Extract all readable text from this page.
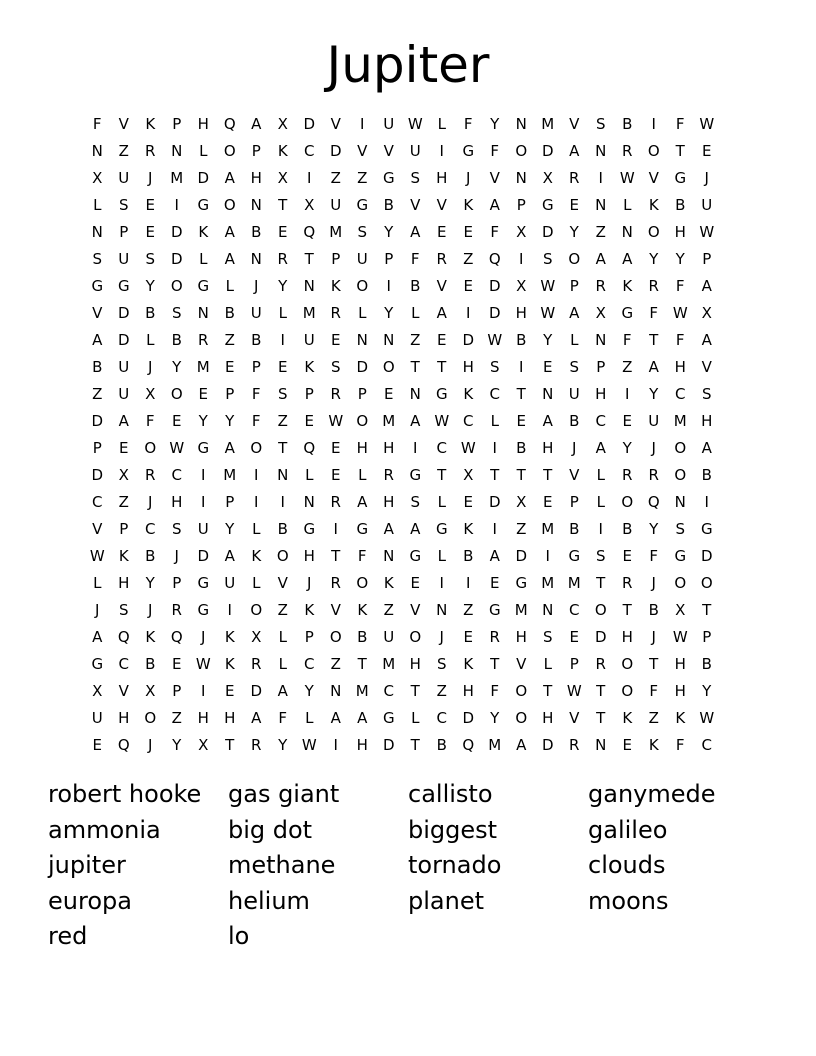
Jupiter
F V K P H Q A X D V I U W L F Y N M V S B I F W
N Z R N L O P K C D V V U I G F O D A N R O T E
X U J M D A H X I Z Z G S H J V N X R I W V G J
L S E I G O N T X U G B V V K A P G E N L K B U
N P E D K A B E Q M S Y A E E F X D Y Z N O H W
S U S D L A N R T P U P F R Z Q I S O A A Y Y P
G G Y O G L J Y N K O I B V E D X W P R K R F A
V D B S N B U L M R L Y L A I D H W A X G F W X
A D L B R Z B I U E N N Z E D W B Y L N F T F A
B U J Y M E P E K S D O T T H S I E S P Z A H V
Z U X O E P F S P R P E N G K C T N U H I Y C S
D A F E Y Y F Z E W O M A W C L E A B C E U M H
P E O W G A O T Q E H H I C W I B H J A Y J O A
D X R C I M I N L E L R G T X T T T V L R R O B
C Z J H I P I I N R A H S L E D X E P L O Q N I
V P C S U Y L B G I G A A G K I Z M B I B Y S G
W K B J D A K O H T F N G L B A D I G S E F G D
L H Y P G U L V J R O K E I I E G M M T R J O O
J S J R G I O Z K V K Z V N Z G M N C O T B X T
A Q K Q J K X L P O B U O J E R H S E D H J W P
G C B E W K R L C Z T M H S K T V L P R O T H B
X V X P I E D A Y N M C T Z H F O T W T O F H Y
U H O Z H H A F L A A G L C D Y O H V T K Z K W
E Q J Y X T R Y W I H D T B Q M A D R N E K F C
robert hooke	gas giant	callisto	ganymede
ammonia	big dot	biggest	galileo
jupiter	methane	tornado	clouds
europa	helium	planet	moons
red	lo
